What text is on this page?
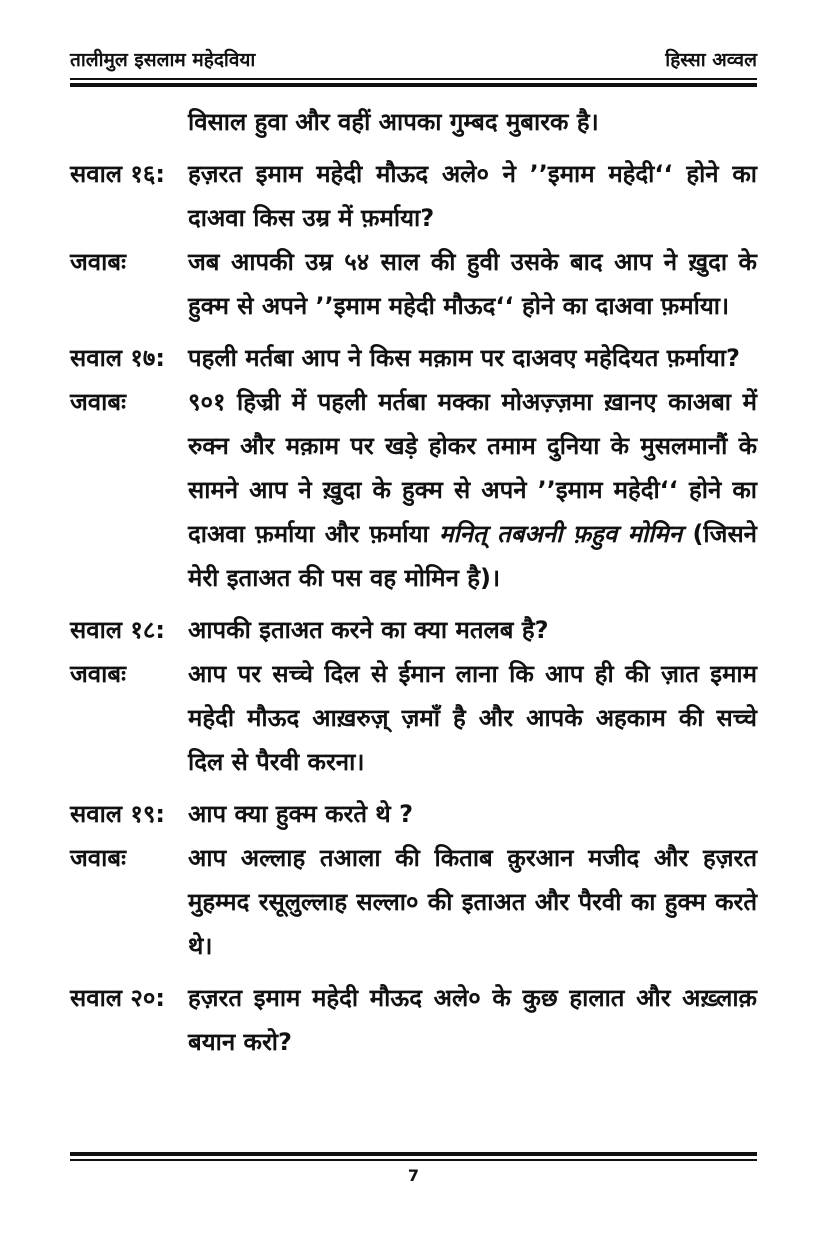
तालीमुल इसलाम महेदविया	हिस्सा अव्वल
विसाल हुवा और वहीं आपका गुम्बद मुबारक है।
सवाल १६: हज़रत इमाम महेदी मौऊद अले० ने ’’इमाम महेदी‘‘ होने का दाअवा किस उम्र में फ़र्माया?
जवाबः	जब आपकी उम्र ५४ साल की हुवी उसके बाद आप ने ख़ुदा के हुक्म से अपने ’’इमाम महेदी मौऊद‘‘ होने का दाअवा फ़र्माया।
सवाल १७: पहली मर्तबा आप ने किस मक़ाम पर दाअवए महेदियत फ़र्माया?
जवाबः	९०१ हिज्री में पहली मर्तबा मक्का मोअज़्ज़मा ख़ानए काअबा में रुक्न और मक़ाम पर खड़े होकर तमाम दुनिया के मुसलमानौं के सामने आप ने ख़ुदा के हुक्म से अपने ’’इमाम महेदी‘‘ होने का दाअवा फ़र्माया और फ़र्माया मनित् तबअनी फ़हुव मोमिन (जिसने मेरी इताअत की पस वह मोमिन है)।
सवाल १८: आपकी इताअत करने का क्या मतलब है?
जवाबः	आप पर सच्चे दिल से ईमान लाना कि आप ही की ज़ात इमाम महेदी मौऊद आख़रुज़् ज़माँ है और आपके अहकाम की सच्चे दिल से पैरवी करना।
सवाल १९: आप क्या हुक्म करते थे ?
जवाबः	आप अल्लाह तआला की किताब क़ुरआन मजीद और हज़रत मुहम्मद रसूलुल्लाह सल्ला० की इताअत और पैरवी का हुक्म करते थे।
सवाल २०: हज़रत इमाम महेदी मौऊद अले० के कुछ हालात और अख़्लाक़ बयान करो?
7
